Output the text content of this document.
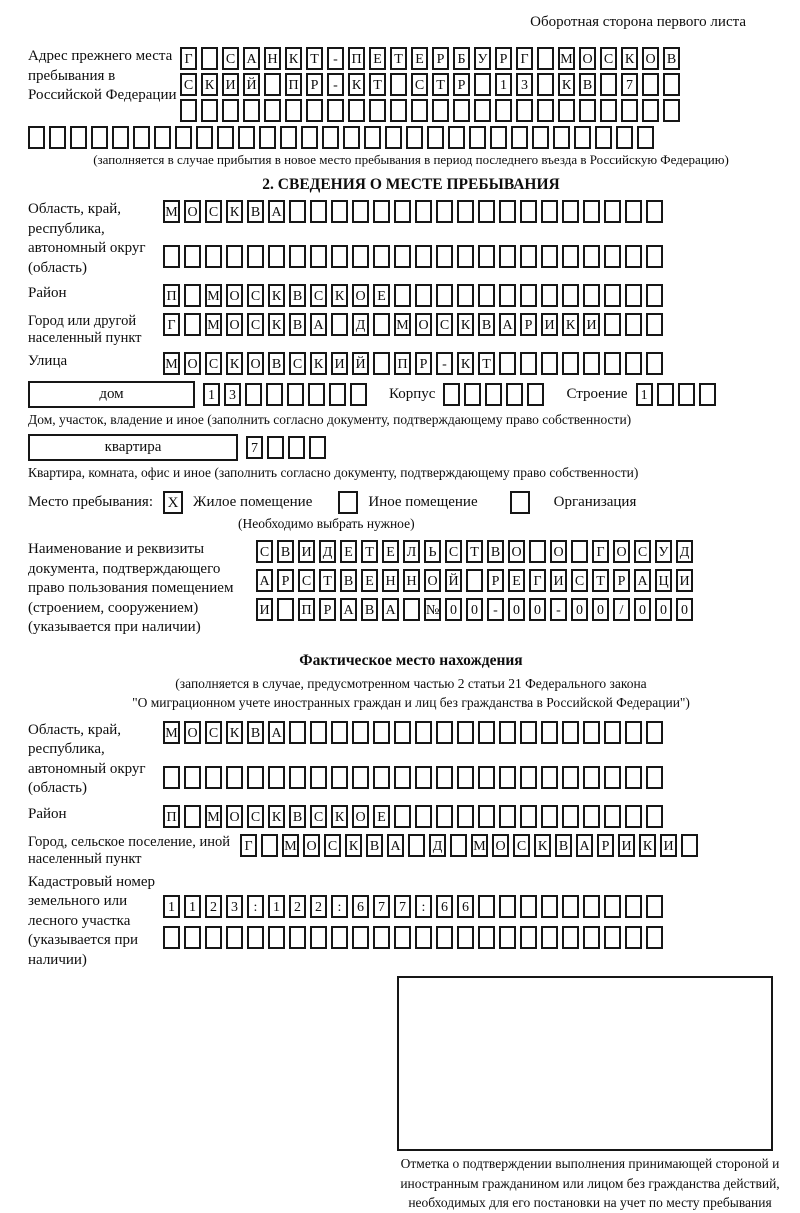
Оборотная сторона первого листа
Адрес прежнего места пребывания в Российской Федерации
Г	С А Н К Т	- П Е Т Е Р Б У Р Г	М О С К О В
С К И Й П Р	-	К Т	С Т Р	1	3	К В	7
(заполняется в случае прибытия в новое место пребывания в период последнего въезда в Российскую Федерацию)
2. СВЕДЕНИЯ О МЕСТЕ ПРЕБЫВАНИЯ
Область, край, республика, автономный округ (область)
М О С К В А
Район	П М О С К В С К О Е
Город или другой населенный пункт
Г	М О С К В А Д М О С К В А Р И К И
Улица	М О С К О В С К И Й П Р	-	К Т
дом	1	3	Корпус	Строение 1
Дом, участок, владение и иное (заполнить согласно документу, подтверждающему право собственности)
квартира	7
Квартира, комната, офис и иное (заполнить согласно документу, подтверждающему право собственности)
Место пребывания: X Жилое помещение	Иное помещение	Организация
(Необходимо выбрать нужное)
Наименование и реквизиты документа, подтверждающего право пользования помещением (строением, сооружением) (указывается при наличии)
С В И Д Е Т Е Л Ь С Т В О О	Г О С У Д
А Р С Т В Е Н Н О Й	Р Е Г И С Т Р А Ц И
И П Р А В А № 0	0	-	0	0	-	0	0	/	0	0	0
Фактическое место нахождения
(заполняется в случае, предусмотренном частью 2 статьи 21 Федерального закона
"О миграционном учете иностранных граждан и лиц без гражданства в Российской Федерации")
Область, край, республика, автономный округ (область)
М О С К В А
Район	П М О С К В С К О Е
Город, сельское поселение, иной населенный пункт
Г	М О С К В А Д М О С К В А Р И К И
Кадастровый номер земельного или лесного участка (указывается при наличии)
1	1	2	3	:	1	2	2	:	6	7	7	:	6	6
Отметка о подтверждении выполнения принимающей стороной и иностранным гражданином или лицом без гражданства действий, необходимых для его постановки на учет по месту пребывания
